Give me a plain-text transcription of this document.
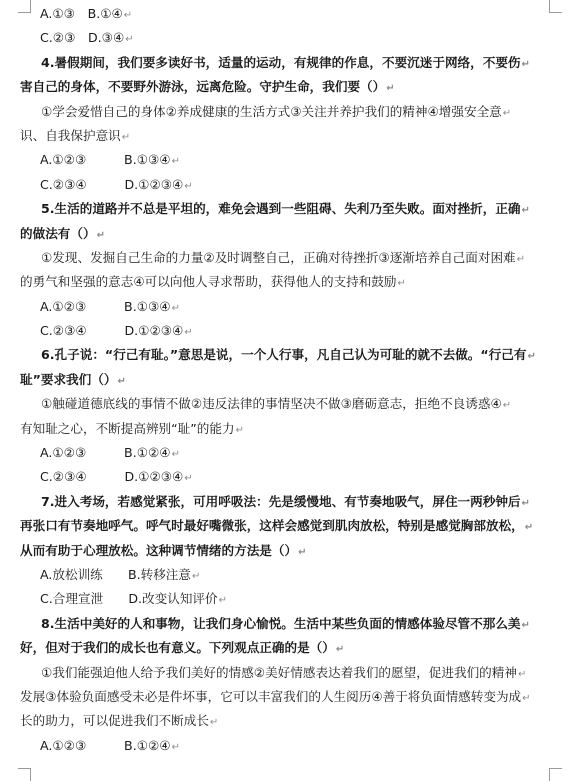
A.①③　B.①④↵
C.②③　D.③④↵
4.暑假期间，我们要多读好书，适量的运动，有规律的作息，不要沉迷于网络，不要伤↵
害自己的身体，不要野外游泳，远离危险。守护生命，我们要（）↵
①学会爱惜自己的身体②养成健康的生活方式③关注并养护我们的精神④增强安全意↵
识、自我保护意识↵
A.①②③　　　B.①③④↵
C.②③④　　　D.①②③④↵
5.生活的道路并不总是平坦的，难免会遇到一些阻碍、失利乃至失败。面对挫折，正确↵
的做法有（）↵
①发现、发掘自己生命的力量②及时调整自己，正确对待挫折③逐渐培养自己面对困难↵
的勇气和坚强的意志④可以向他人寻求帮助，获得他人的支持和鼓励↵
A.①②③　　　B.①③④↵
C.②③④　　　D.①②③④↵
6.孔子说：“行己有耻。”意思是说，一个人行事，凡自己认为可耻的就不去做。“行己有↵
耻”要求我们（）↵
①触碰道德底线的事情不做②违反法律的事情坚决不做③磨砺意志，拒绝不良诱惑④↵
有知耻之心，不断提高辨别“耻”的能力↵
A.①②③　　　B.①②④↵
C.②③④　　　D.①②③④↵
7.进入考场，若感觉紧张，可用呼吸法：先是缓慢地、有节奏地吸气，屏住一两秒钟后↵
再张口有节奏地呼气。呼气时最好嘴微张，这样会感觉到肌肉放松，特别是感觉胸部放松，↵
从而有助于心理放松。这种调节情绪的方法是（）↵
A.放松训练　　B.转移注意↵
C.合理宣泄　　D.改变认知评价↵
8.生活中美好的人和事物，让我们身心愉悦。生活中某些负面的情感体验尽管不那么美↵
好，但对于我们的成长也有意义。下列观点正确的是（）↵
①我们能强迫他人给予我们美好的情感②美好情感表达着我们的愿望，促进我们的精神↵
发展③体验负面感受未必是件坏事，它可以丰富我们的人生阅历④善于将负面情感转变为成↵
长的助力，可以促进我们不断成长↵
A.①②③　　　B.①②④↵
